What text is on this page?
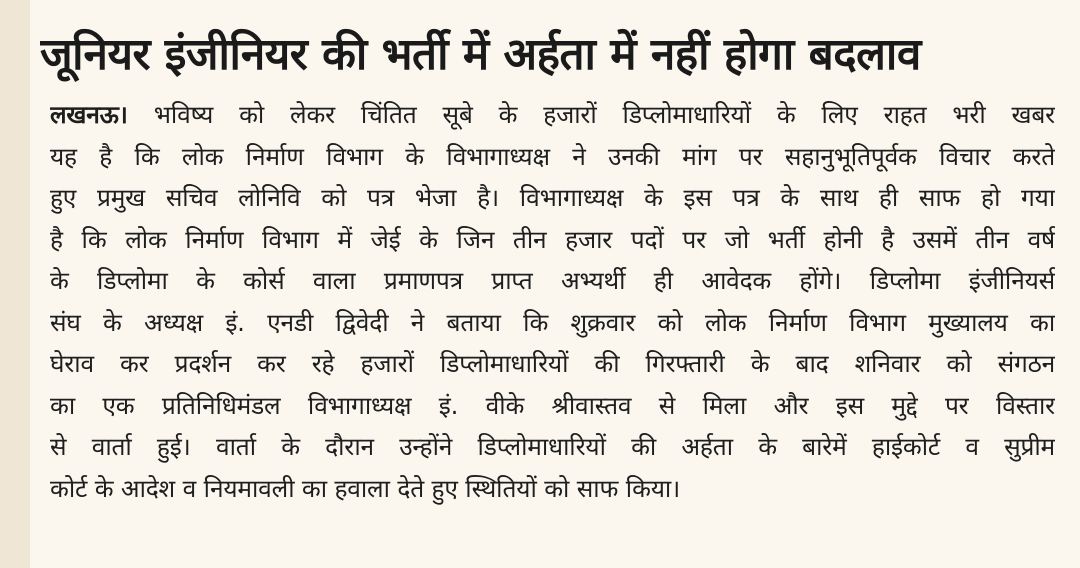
जूनियर इंजीनियर की भर्ती में अर्हता में नहीं होगा बदलाव
लखनऊ। भविष्य को लेकर चिंतित सूबे के हजारों डिप्लोमाधारियों के लिए राहत भरी खबर
यह है कि लोक निर्माण विभाग के विभागाध्यक्ष ने उनकी मांग पर सहानुभूतिपूर्वक विचार करते
हुए प्रमुख सचिव लोनिवि को पत्र भेजा है। विभागाध्यक्ष के इस पत्र के साथ ही साफ हो गया
है कि लोक निर्माण विभाग में जेई के जिन तीन हजार पदों पर जो भर्ती होनी है उसमें तीन वर्ष
के डिप्लोमा के कोर्स वाला प्रमाणपत्र प्राप्त अभ्यर्थी ही आवेदक होंगे। डिप्लोमा इंजीनियर्स
संघ के अध्यक्ष इं. एनडी द्विवेदी ने बताया कि शुक्रवार को लोक निर्माण विभाग मुख्यालय का
घेराव कर प्रदर्शन कर रहे हजारों डिप्लोमाधारियों की गिरफ्तारी के बाद शनिवार को संगठन
का एक प्रतिनिधिमंडल विभागाध्यक्ष इं. वीके श्रीवास्तव से मिला और इस मुद्दे पर विस्तार
से वार्ता हुई। वार्ता के दौरान उन्होंने डिप्लोमाधारियों की अर्हता के बारेमें हाईकोर्ट व सुप्रीम
कोर्ट के आदेश व नियमावली का हवाला देते हुए स्थितियों को साफ किया।
